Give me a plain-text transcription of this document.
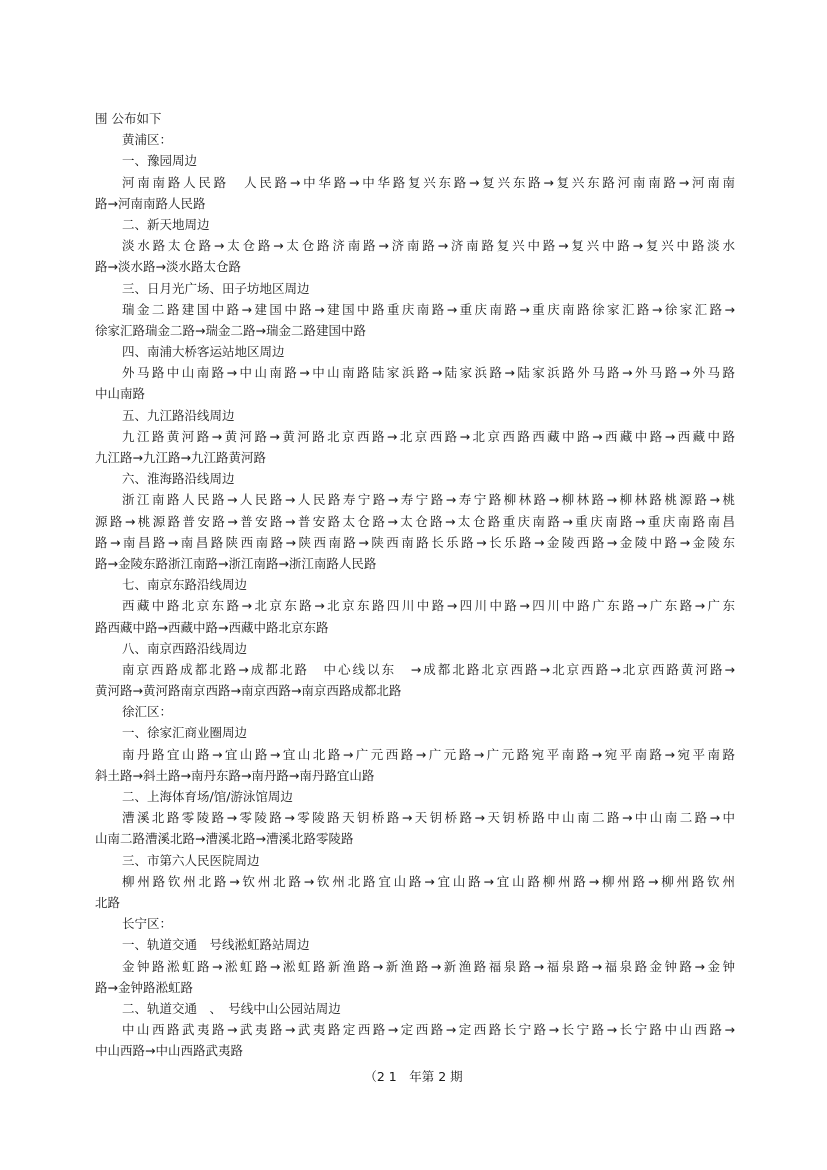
围 公布如下
黄浦区：
一、豫园周边
河南南路人民路　人民路→中华路→中华路复兴东路→复兴东路→复兴东路河南南路→河南南
路→河南南路人民路
二、新天地周边
淡水路太仓路→太仓路→太仓路济南路→济南路→济南路复兴中路→复兴中路→复兴中路淡水
路→淡水路→淡水路太仓路
三、日月光广场、田子坊地区周边
瑞金二路建国中路→建国中路→建国中路重庆南路→重庆南路→重庆南路徐家汇路→徐家汇路→
徐家汇路瑞金二路→瑞金二路→瑞金二路建国中路
四、南浦大桥客运站地区周边
外马路中山南路→中山南路→中山南路陆家浜路→陆家浜路→陆家浜路外马路→外马路→外马路
中山南路
五、九江路沿线周边
九江路黄河路→黄河路→黄河路北京西路→北京西路→北京西路西藏中路→西藏中路→西藏中路
九江路→九江路→九江路黄河路
六、淮海路沿线周边
浙江南路人民路→人民路→人民路寿宁路→寿宁路→寿宁路柳林路→柳林路→柳林路桃源路→桃
源路→桃源路普安路→普安路→普安路太仓路→太仓路→太仓路重庆南路→重庆南路→重庆南路南昌
路→南昌路→南昌路陕西南路→陕西南路→陕西南路长乐路→长乐路→金陵西路→金陵中路→金陵东
路→金陵东路浙江南路→浙江南路→浙江南路人民路
七、南京东路沿线周边
西藏中路北京东路→北京东路→北京东路四川中路→四川中路→四川中路广东路→广东路→广东
路西藏中路→西藏中路→西藏中路北京东路
八、南京西路沿线周边
南京西路成都北路→成都北路　中心线以东　→成都北路北京西路→北京西路→北京西路黄河路→
黄河路→黄河路南京西路→南京西路→南京西路成都北路
徐汇区：
一、徐家汇商业圈周边
南丹路宜山路→宜山路→宜山北路→广元西路→广元路→广元路宛平南路→宛平南路→宛平南路
斜土路→斜土路→南丹东路→南丹路→南丹路宜山路
二、上海体育场/馆/游泳馆周边
漕溪北路零陵路→零陵路→零陵路天钥桥路→天钥桥路→天钥桥路中山南二路→中山南二路→中
山南二路漕溪北路→漕溪北路→漕溪北路零陵路
三、市第六人民医院周边
柳州路钦州北路→钦州北路→钦州北路宜山路→宜山路→宜山路柳州路→柳州路→柳州路钦州
北路
长宁区：
一、轨道交通　号线淞虹路站周边
金钟路淞虹路→淞虹路→淞虹路新渔路→新渔路→新渔路福泉路→福泉路→福泉路金钟路→金钟
路→金钟路淞虹路
二、轨道交通　、　号线中山公园站周边
中山西路武夷路→武夷路→武夷路定西路→定西路→定西路长宁路→长宁路→长宁路中山西路→
中山西路→中山西路武夷路
（2 1　年第 2 期
